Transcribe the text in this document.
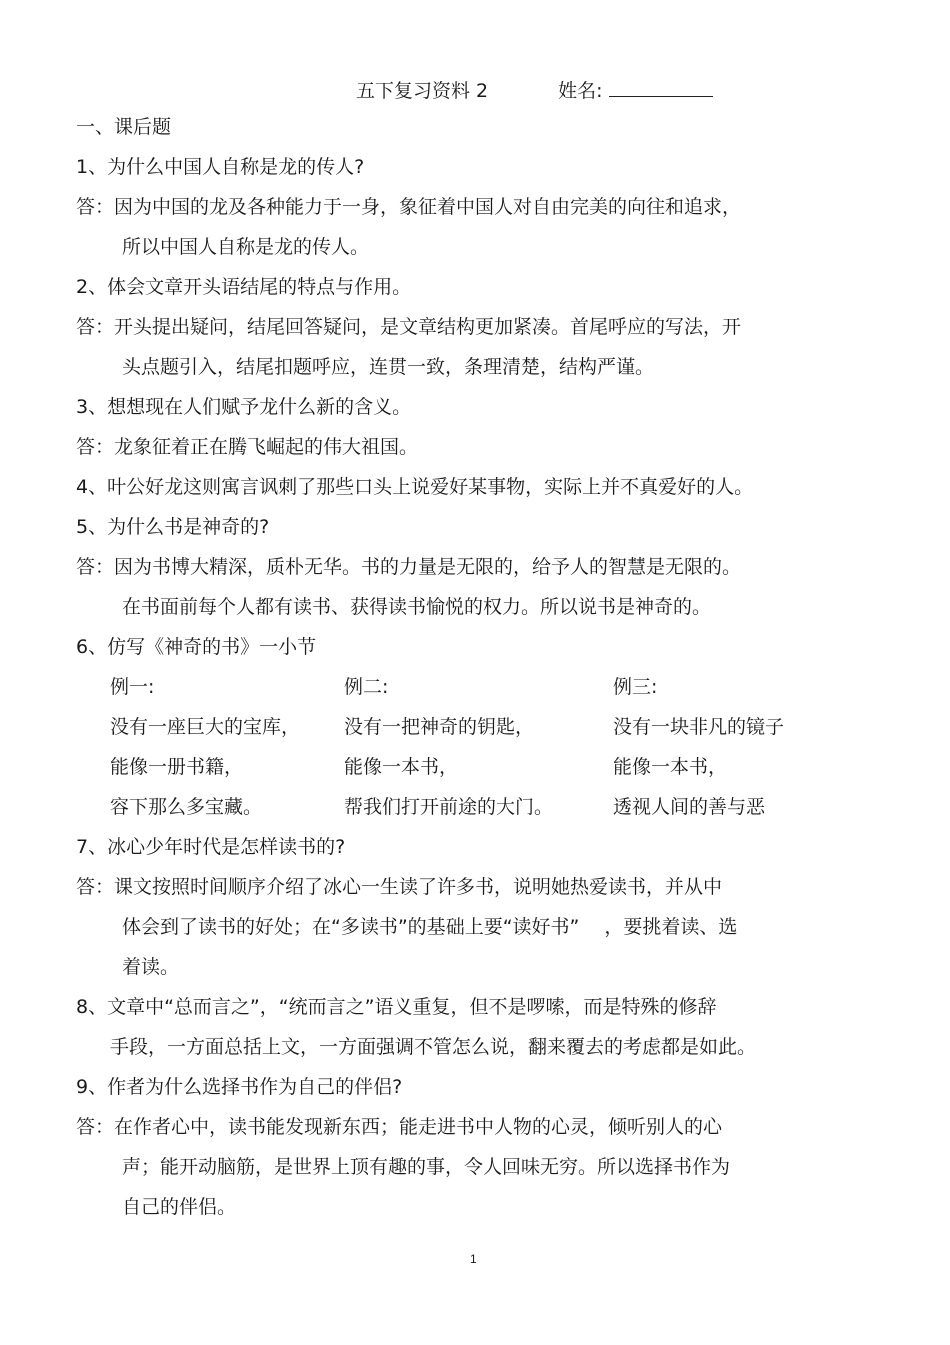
五下复习资料 2	姓名:
一、课后题
1、为什么中国人自称是龙的传人?
答：因为中国的龙及各种能力于一身，象征着中国人对自由完美的向往和追求，
所以中国人自称是龙的传人。
2、体会文章开头语结尾的特点与作用。
答：开头提出疑问，结尾回答疑问，是文章结构更加紧凑。首尾呼应的写法，开
头点题引入，结尾扣题呼应，连贯一致，条理清楚，结构严谨。
3、想想现在人们赋予龙什么新的含义。
答：龙象征着正在腾飞崛起的伟大祖国。
4、叶公好龙这则寓言讽刺了那些口头上说爱好某事物，实际上并不真爱好的人。
5、为什么书是神奇的?
答：因为书博大精深，质朴无华。书的力量是无限的，给予人的智慧是无限的。
在书面前每个人都有读书、获得读书愉悦的权力。所以说书是神奇的。
6、仿写《神奇的书》一小节
例一:	例二:	例三:
没有一座巨大的宝库， 没有一把神奇的钥匙，	没有一块非凡的镜子
能像一册书籍，	能像一本书，	能像一本书，
容下那么多宝藏。	帮我们打开前途的大门。	透视人间的善与恶
7、冰心少年时代是怎样读书的?
答：课文按照时间顺序介绍了冰心一生读了许多书，说明她热爱读书，并从中
体会到了读书的好处；在“多读书”的基础上要“读好书”　 ，要挑着读、选
着读。
8、文章中“总而言之”，“统而言之”语义重复，但不是啰嗦，而是特殊的修辞
手段，一方面总括上文，一方面强调不管怎么说，翻来覆去的考虑都是如此。
9、作者为什么选择书作为自己的伴侣?
答：在作者心中，读书能发现新东西；能走进书中人物的心灵，倾听别人的心
声；能开动脑筋，是世界上顶有趣的事，令人回味无穷。所以选择书作为
自己的伴侣。
1
